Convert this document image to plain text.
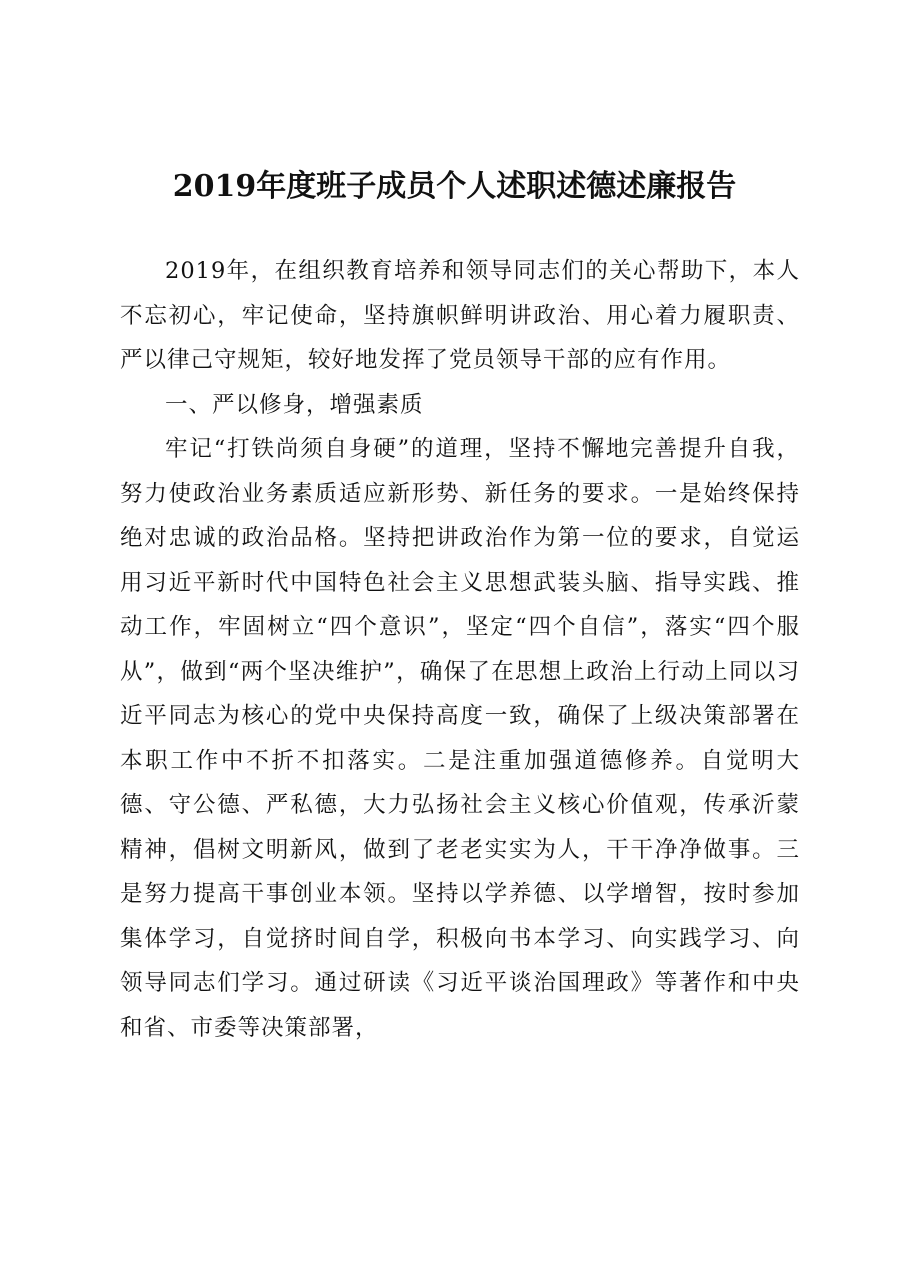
2019年度班子成员个人述职述德述廉报告

2019年，在组织教育培养和领导同志们的关心帮助下，本人不忘初心，牢记使命，坚持旗帜鲜明讲政治、用心着力履职责、严以律己守规矩，较好地发挥了党员领导干部的应有作用。

一、严以修身，增强素质

牢记“打铁尚须自身硬”的道理，坚持不懈地完善提升自我，努力使政治业务素质适应新形势、新任务的要求。一是始终保持绝对忠诚的政治品格。坚持把讲政治作为第一位的要求，自觉运用习近平新时代中国特色社会主义思想武装头脑、指导实践、推动工作，牢固树立“四个意识”，坚定“四个自信”，落实“四个服从”，做到“两个坚决维护”，确保了在思想上政治上行动上同以习近平同志为核心的党中央保持高度一致，确保了上级决策部署在本职工作中不折不扣落实。二是注重加强道德修养。自觉明大德、守公德、严私德，大力弘扬社会主义核心价值观，传承沂蒙精神，倡树文明新风，做到了老老实实为人，干干净净做事。三是努力提高干事创业本领。坚持以学养德、以学增智，按时参加集体学习，自觉挤时间自学，积极向书本学习、向实践学习、向领导同志们学习。通过研读《习近平谈治国理政》等著作和中央和省、市委等决策部署，
